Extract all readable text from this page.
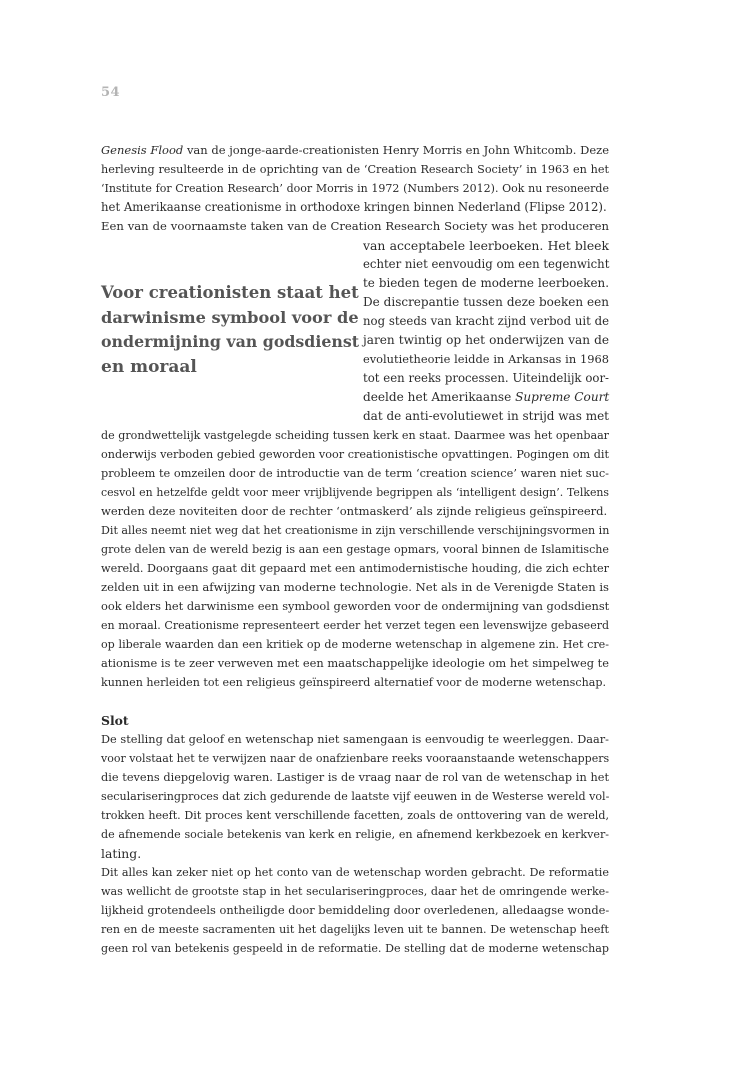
54
Genesis Flood van de jonge-aarde-creationisten Henry Morris en John Whitcomb. Deze
herleving resulteerde in de oprichting van de ‘Creation Research Society’ in 1963 en het
‘Institute for Creation Research’ door Morris in 1972 (Numbers 2012). Ook nu resoneerde
het Amerikaanse creationisme in orthodoxe kringen binnen Nederland (Flipse 2012).
Een van de voornaamste taken van de Creation Research Society was het produceren
Voor creationisten staat het
darwinisme symbool voor de
ondermijning van godsdienst
en moraal
van acceptabele leerboeken. Het bleek
echter niet eenvoudig om een tegenwicht
te bieden tegen de moderne leerboeken.
De discrepantie tussen deze boeken een
nog steeds van kracht zijnd verbod uit de
jaren twintig op het onderwijzen van de
evolutietheorie leidde in Arkansas in 1968
tot een reeks processen. Uiteindelijk oor-
deelde het Amerikaanse Supreme Court
dat de anti-evolutiewet in strijd was met
de grondwettelijk vastgelegde scheiding tussen kerk en staat. Daarmee was het openbaar
onderwijs verboden gebied geworden voor creationistische opvattingen. Pogingen om dit
probleem te omzeilen door de introductie van de term ‘creation science’ waren niet suc-
cesvol en hetzelfde geldt voor meer vrijblijvende begrippen als ‘intelligent design’. Telkens
werden deze noviteiten door de rechter ‘ontmaskerd’ als zijnde religieus geïnspireerd.
Dit alles neemt niet weg dat het creationisme in zijn verschillende verschijningsvormen in
grote delen van de wereld bezig is aan een gestage opmars, vooral binnen de Islamitische
wereld. Doorgaans gaat dit gepaard met een antimodernistische houding, die zich echter
zelden uit in een afwijzing van moderne technologie. Net als in de Verenigde Staten is
ook elders het darwinisme een symbool geworden voor de ondermijning van godsdienst
en moraal. Creationisme representeert eerder het verzet tegen een levenswijze gebaseerd
op liberale waarden dan een kritiek op de moderne wetenschap in algemene zin. Het cre-
ationisme is te zeer verweven met een maatschappelijke ideologie om het simpelweg te
kunnen herleiden tot een religieus geïnspireerd alternatief voor de moderne wetenschap.
Slot
De stelling dat geloof en wetenschap niet samengaan is eenvoudig te weerleggen. Daar-
voor volstaat het te verwijzen naar de onafzienbare reeks vooraanstaande wetenschappers
die tevens diepgelovig waren. Lastiger is de vraag naar de rol van de wetenschap in het
seculariseringproces dat zich gedurende de laatste vijf eeuwen in de Westerse wereld vol-
trokken heeft. Dit proces kent verschillende facetten, zoals de onttovering van de wereld,
de afnemende sociale betekenis van kerk en religie, en afnemend kerkbezoek en kerkver-
lating.
Dit alles kan zeker niet op het conto van de wetenschap worden gebracht. De reformatie
was wellicht de grootste stap in het seculariseringproces, daar het de omringende werke-
lijkheid grotendeels ontheiligde door bemiddeling door overledenen, alledaagse wonde-
ren en de meeste sacramenten uit het dagelijks leven uit te bannen. De wetenschap heeft
geen rol van betekenis gespeeld in de reformatie. De stelling dat de moderne wetenschap
